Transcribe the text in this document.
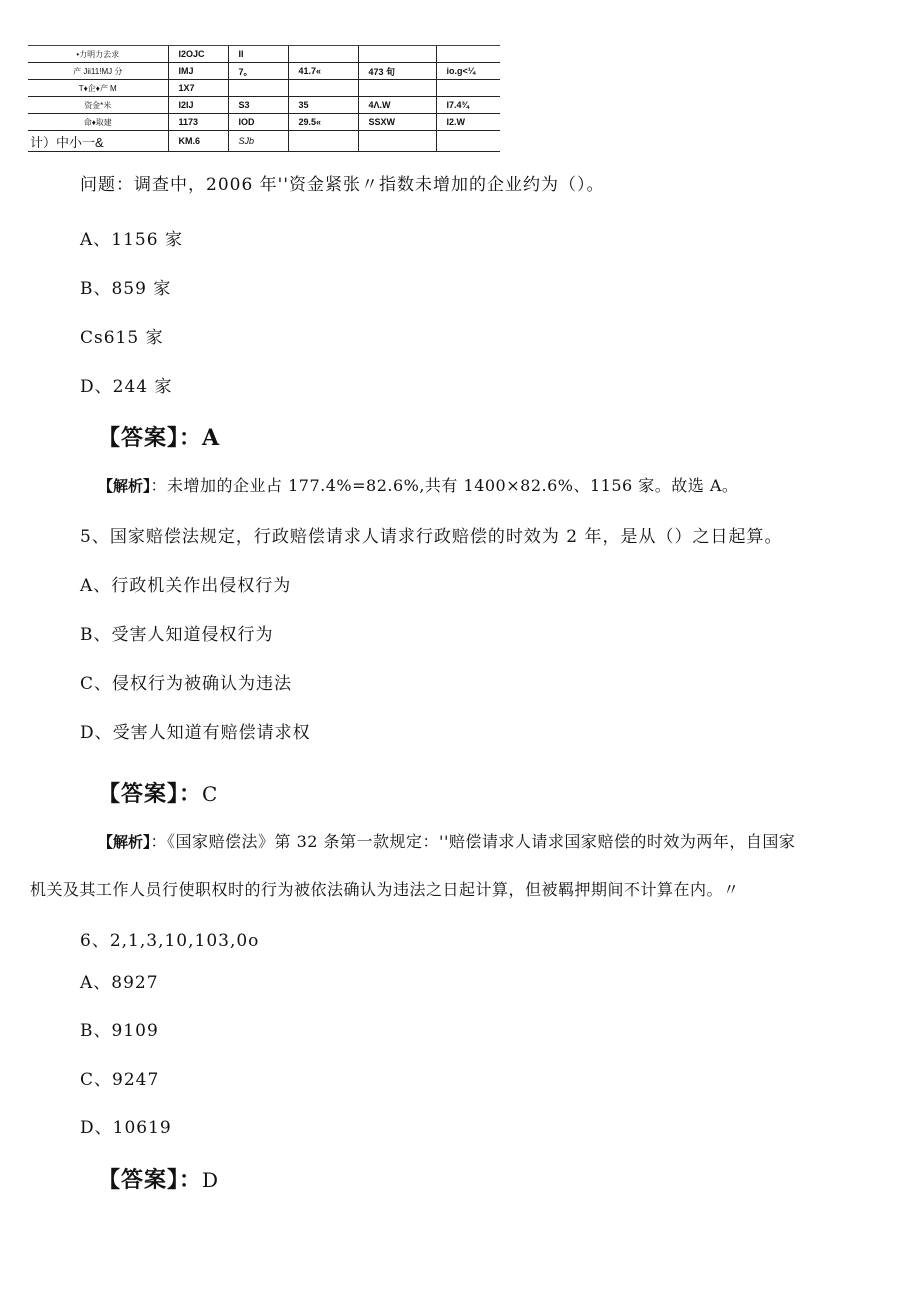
•力明力去求	I2OJC	II			
产 Jii11!MJ 分	IMJ	7。	41.7«	473 旬	io.g<¼
T♦企♦产 M	1X7				
资金*米	I2IJ	S3	35	4Λ.W	I7.4¾
命♦取建	1173	IOD	29.5«	SSXW	I2.W
计）中小一&	KM.6	SJb			
问题：调查中，2006 年''资金紧张〃指数未增加的企业约为（）。
A、1156 家
B、859 家
Cs615 家
D、244 家
【答案】：A
【解析】：未增加的企业占 177.4%=82.6%,共有 1400×82.6%、1156 家。故选 A。
5、国家赔偿法规定，行政赔偿请求人请求行政赔偿的时效为 2 年，是从（）之日起算。
A、行政机关作出侵权行为
B、受害人知道侵权行为
C、侵权行为被确认为违法
D、受害人知道有赔偿请求权
【答案】：C
【解析】：《国家赔偿法》第 32 条第一款规定：''赔偿请求人请求国家赔偿的时效为两年，自国家
机关及其工作人员行使职权时的行为被依法确认为违法之日起计算，但被羁押期间不计算在内。〃
6、2,1,3,10,103,0o
A、8927
B、9109
C、9247
D、10619
【答案】：D
